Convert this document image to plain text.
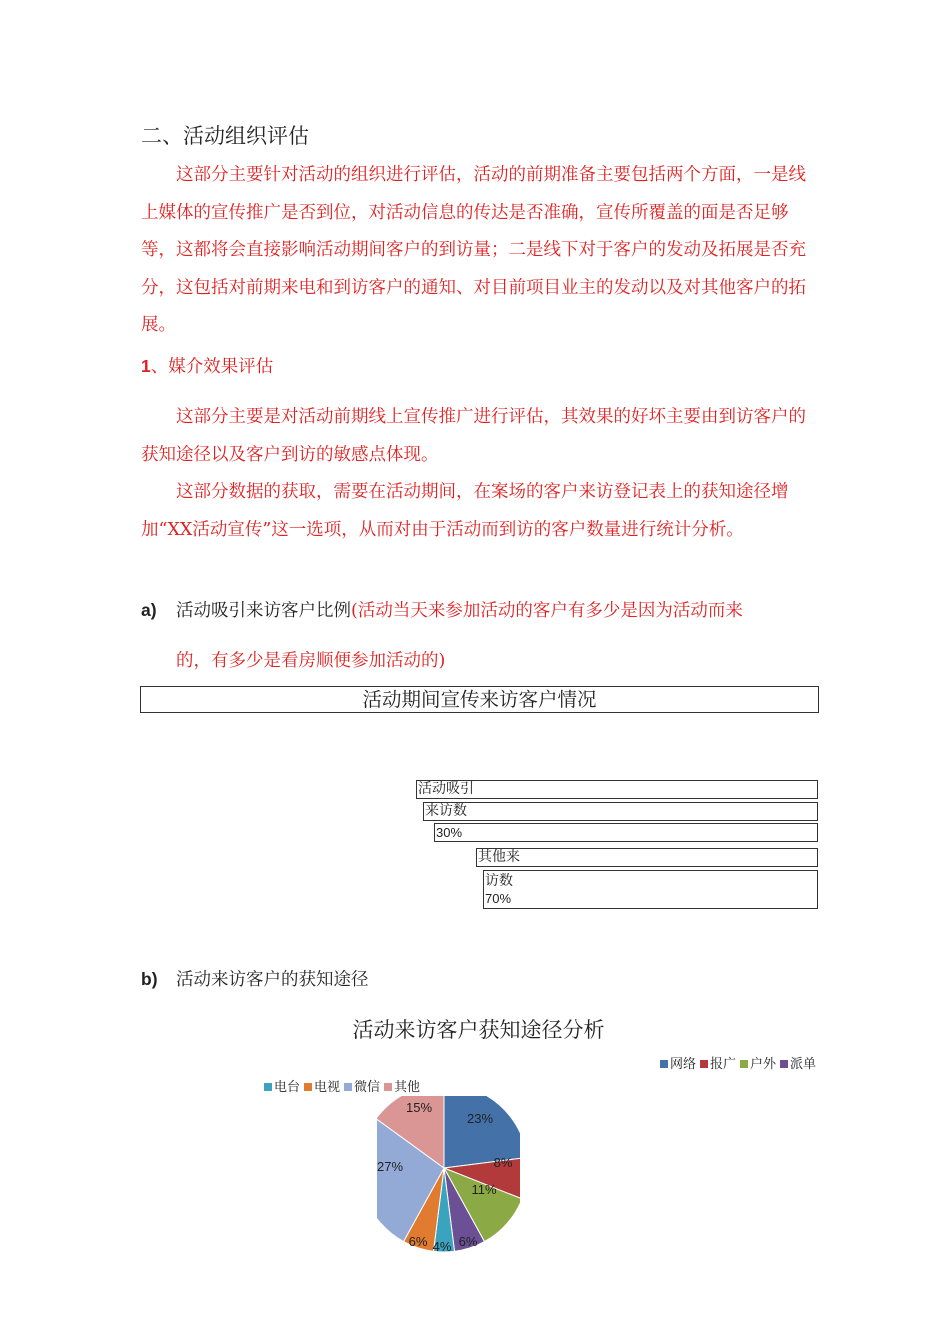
二、活动组织评估
这部分主要针对活动的组织进行评估，活动的前期准备主要包括两个方面，一是线上媒体的宣传推广是否到位，对活动信息的传达是否准确，宣传所覆盖的面是否足够等，这都将会直接影响活动期间客户的到访量；二是线下对于客户的发动及拓展是否充分，这包括对前期来电和到访客户的通知、对目前项目业主的发动以及对其他客户的拓展。
1、媒介效果评估
这部分主要是对活动前期线上宣传推广进行评估，其效果的好坏主要由到访客户的获知途径以及客户到访的敏感点体现。
这部分数据的获取，需要在活动期间，在案场的客户来访登记表上的获知途径增加“XX活动宣传”这一选项，从而对由于活动而到访的客户数量进行统计分析。
a) 活动吸引来访客户比例(活动当天来参加活动的客户有多少是因为活动而来
的，有多少是看房顺便参加活动的)
活动期间宣传来访客户情况
活动吸引
来访数
30%
其他来
访数
70%
b) 活动来访客户的获知途径
活动来访客户获知途径分析
网络	报广	户外	派单
电台	电视	微信	其他
23%
8%
11%
6%
4%
6%
27%
15%
